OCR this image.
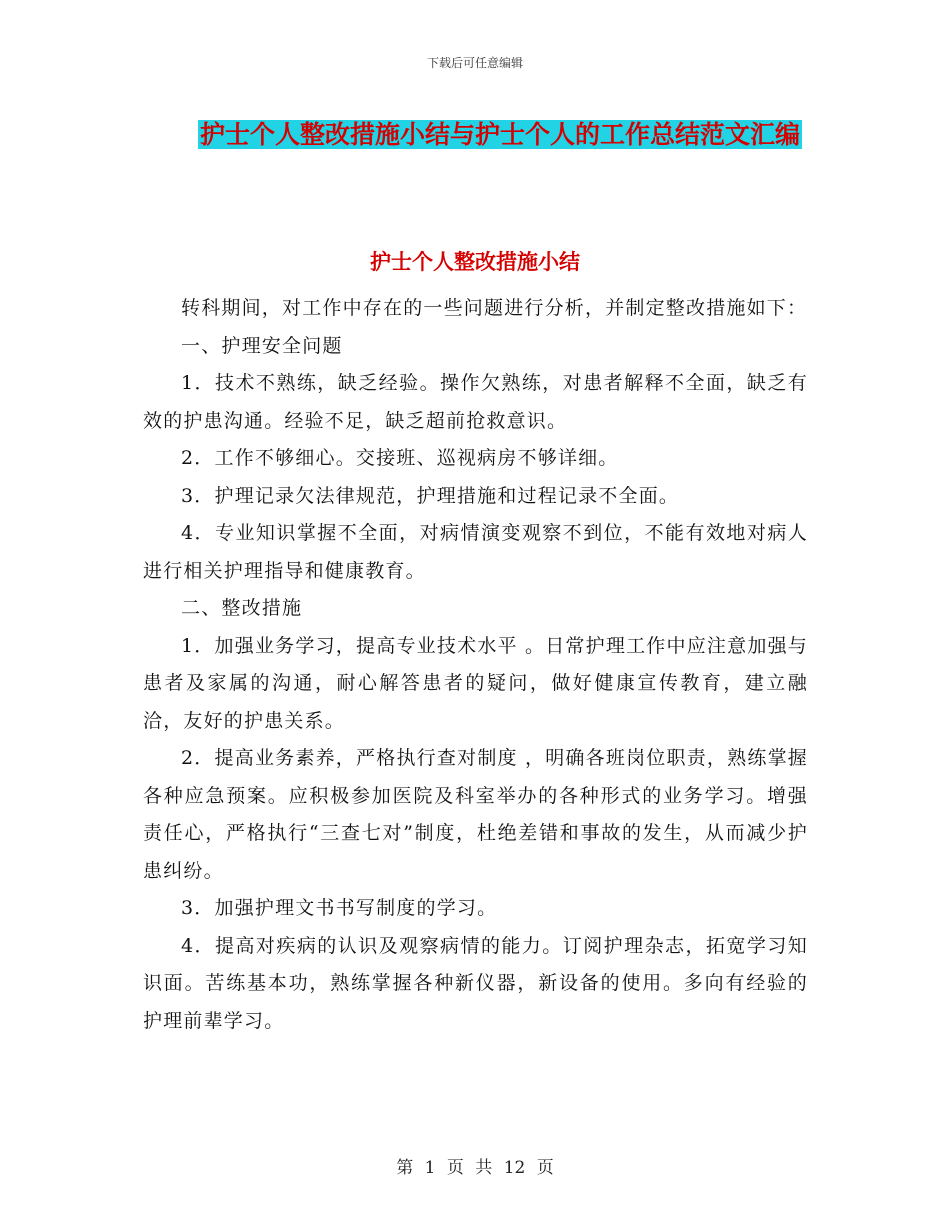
下载后可任意编辑
护士个人整改措施小结与护士个人的工作总结范文汇编
护士个人整改措施小结

转科期间，对工作中存在的一些问题进行分析，并制定整改措施如下：

一、护理安全问题

1．技术不熟练，缺乏经验。操作欠熟练，对患者解释不全面，缺乏有效的护患沟通。经验不足，缺乏超前抢救意识。

2．工作不够细心。交接班、巡视病房不够详细。

3．护理记录欠法律规范，护理措施和过程记录不全面。

4．专业知识掌握不全面，对病情演变观察不到位，不能有效地对病人进行相关护理指导和健康教育。

二、整改措施

1．加强业务学习，提高专业技术水平 。日常护理工作中应注意加强与患者及家属的沟通，耐心解答患者的疑问，做好健康宣传教育，建立融洽，友好的护患关系。

2．提高业务素养，严格执行查对制度 ，明确各班岗位职责，熟练掌握各种应急预案。应积极参加医院及科室举办的各种形式的业务学习。增强责任心，严格执行“三查七对”制度，杜绝差错和事故的发生，从而减少护患纠纷。

3．加强护理文书书写制度的学习。

4．提高对疾病的认识及观察病情的能力。订阅护理杂志，拓宽学习知识面。苦练基本功，熟练掌握各种新仪器，新设备的使用。多向有经验的护理前辈学习。

第 1 页 共 12 页
